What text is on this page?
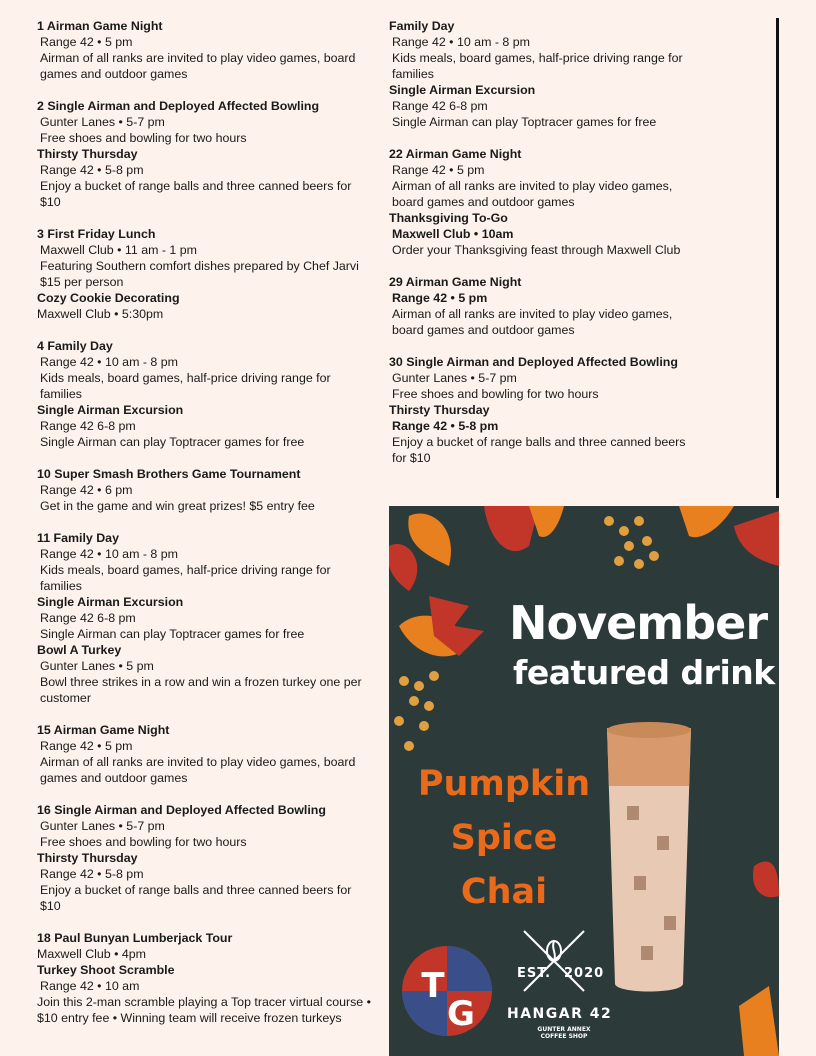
1 Airman Game Night
Range 42 • 5 pm
Airman of all ranks are invited to play video games, board games and outdoor games
2 Single Airman and Deployed Affected Bowling
Gunter Lanes • 5-7 pm
Free shoes and bowling for two hours
Thirsty Thursday
Range 42 • 5-8 pm
Enjoy a bucket of range balls and three canned beers for $10
3 First Friday Lunch
Maxwell Club • 11 am - 1 pm
Featuring Southern comfort dishes prepared by Chef Jarvi $15 per person
Cozy Cookie Decorating
Maxwell Club • 5:30pm
4 Family Day
Range 42 • 10 am - 8 pm
Kids meals, board games, half-price driving range for families
Single Airman Excursion
Range 42 6-8 pm
Single Airman can play Toptracer games for free
10 Super Smash Brothers Game Tournament
Range 42 • 6 pm
Get in the game and win great prizes! $5 entry fee
11 Family Day
Range 42 • 10 am - 8 pm
Kids meals, board games, half-price driving range for families
Single Airman Excursion
Range 42 6-8 pm
Single Airman can play Toptracer games for free
Bowl A Turkey
Gunter Lanes • 5 pm
Bowl three strikes in a row and win a frozen turkey one per customer
15 Airman Game Night
Range 42 • 5 pm
Airman of all ranks are invited to play video games, board games and outdoor games
16 Single Airman and Deployed Affected Bowling
Gunter Lanes • 5-7 pm
Free shoes and bowling for two hours
Thirsty Thursday
Range 42 • 5-8 pm
Enjoy a bucket of range balls and three canned beers for $10
18 Paul Bunyan Lumberjack Tour
Maxwell Club • 4pm
Turkey Shoot Scramble
Range 42 • 10 am
Join this 2-man scramble playing a Top tracer virtual course • $10 entry fee • Winning team will receive frozen turkeys
Family Day
Range 42 • 10 am - 8 pm
Kids meals, board games, half-price driving range for families
Single Airman Excursion
Range 42 6-8 pm
Single Airman can play Toptracer games for free
22 Airman Game Night
Range 42 • 5 pm
Airman of all ranks are invited to play video games, board games and outdoor games
Thanksgiving To-Go
Maxwell Club • 10am
Order your Thanksgiving feast through Maxwell Club
29 Airman Game Night
Range 42 • 5 pm
Airman of all ranks are invited to play video games, board games and outdoor games
30 Single Airman and Deployed Affected Bowling
Gunter Lanes • 5-7 pm
Free shoes and bowling for two hours
Thirsty Thursday
Range 42 • 5-8 pm
Enjoy a bucket of range balls and three canned beers for $10
G
T
November
featured drink
Pumpkin
Spice
Chai
EST. 2020
HANGAR 42
GUNTER ANNEX COFFEE SHOP
